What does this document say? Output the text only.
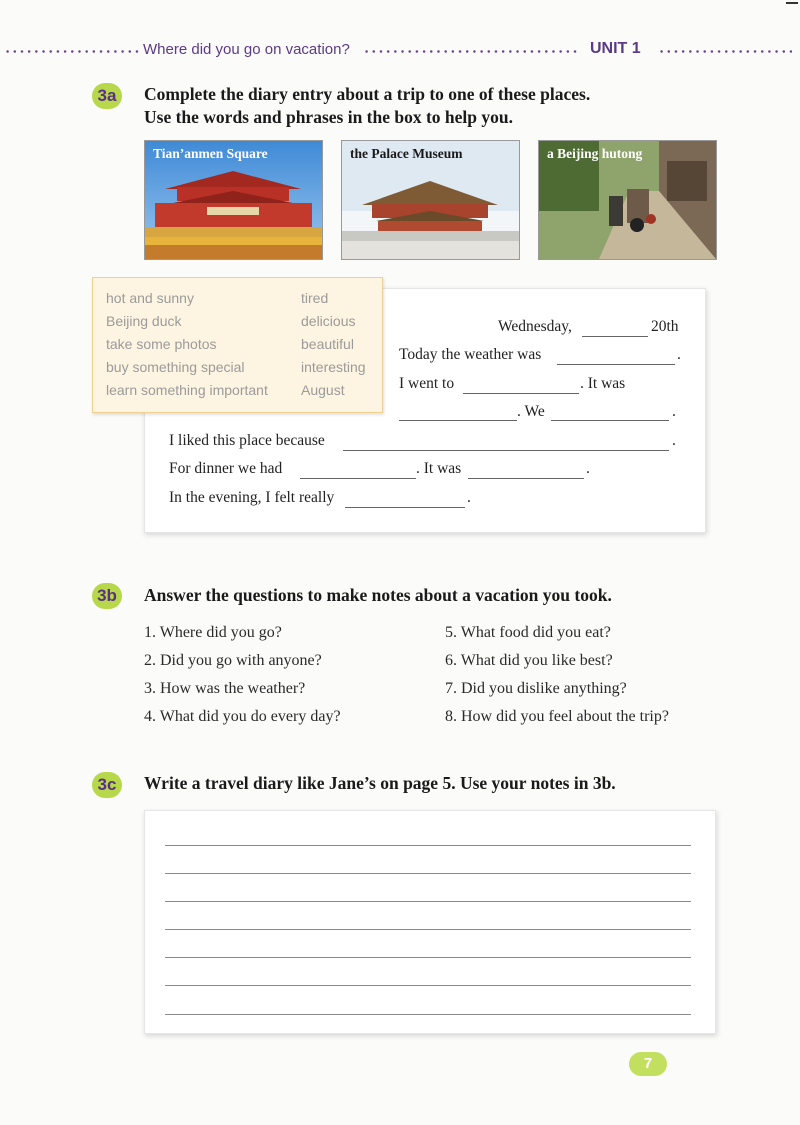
Where did you go on vacation?	UNIT 1
3a	Complete the diary entry about a trip to one of these places.
Use the words and phrases in the box to help you.
Tian’anmen Square	the Palace Museum	a Beijing hutong
hot and sunny
Beijing duck
take some photos
buy something special
learn something important
tired
delicious
beautiful
interesting
August
Wednesday,	20th
Today the weather was	.
I went to	. It was
. We	.
I liked this place because	.
For dinner we had	. It was	.
In the evening, I felt really	.
3b Answer the questions to make notes about a vacation you took.
1. Where did you go?
2. Did you go with anyone?
3. How was the weather?
4. What did you do every day?
5. What food did you eat?
6. What did you like best?
7. Did you dislike anything?
8. How did you feel about the trip?
3c	Write a travel diary like Jane’s on page 5. Use your notes in 3b.
7
